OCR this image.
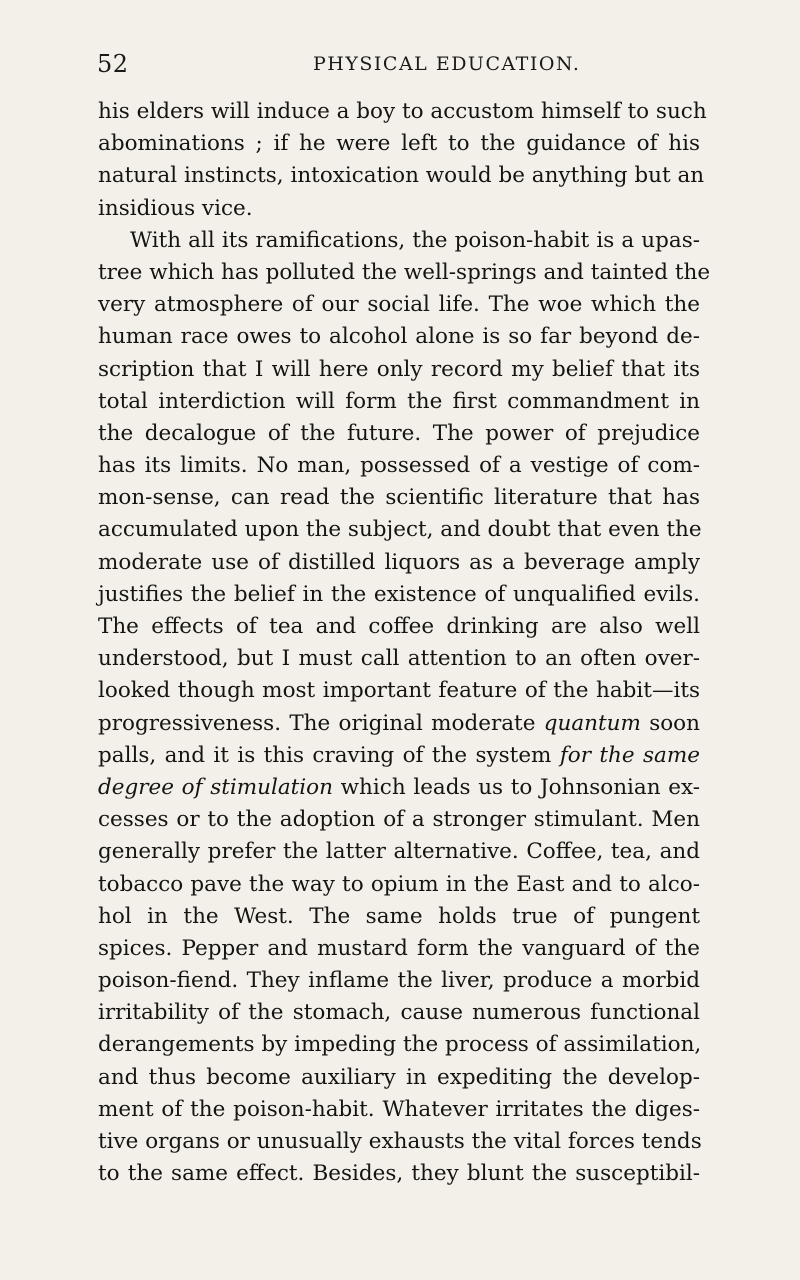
52	PHYSICAL EDUCATION.
his elders will induce a boy to accustom himself to such
abominations ; if he were left to the guidance of his
natural instincts, intoxication would be anything but an
insidious vice.
With all its ramifications, the poison-habit is a upas-
tree which has polluted the well-springs and tainted the
very atmosphere of our social life. The woe which the
human race owes to alcohol alone is so far beyond de-
scription that I will here only record my belief that its
total interdiction will form the first commandment in
the decalogue of the future. The power of prejudice
has its limits. No man, possessed of a vestige of com-
mon-sense, can read the scientific literature that has
accumulated upon the subject, and doubt that even the
moderate use of distilled liquors as a beverage amply
justifies the belief in the existence of unqualified evils.
The effects of tea and coffee drinking are also well
understood, but I must call attention to an often over-
looked though most important feature of the habit—its
progressiveness. The original moderate quantum soon
palls, and it is this craving of the system for the same
degree of stimulation which leads us to Johnsonian ex-
cesses or to the adoption of a stronger stimulant. Men
generally prefer the latter alternative. Coffee, tea, and
tobacco pave the way to opium in the East and to alco-
hol in the West. The same holds true of pungent
spices. Pepper and mustard form the vanguard of the
poison-fiend. They inflame the liver, produce a morbid
irritability of the stomach, cause numerous functional
derangements by impeding the process of assimilation,
and thus become auxiliary in expediting the develop-
ment of the poison-habit. Whatever irritates the diges-
tive organs or unusually exhausts the vital forces tends
to the same effect. Besides, they blunt the susceptibil-
